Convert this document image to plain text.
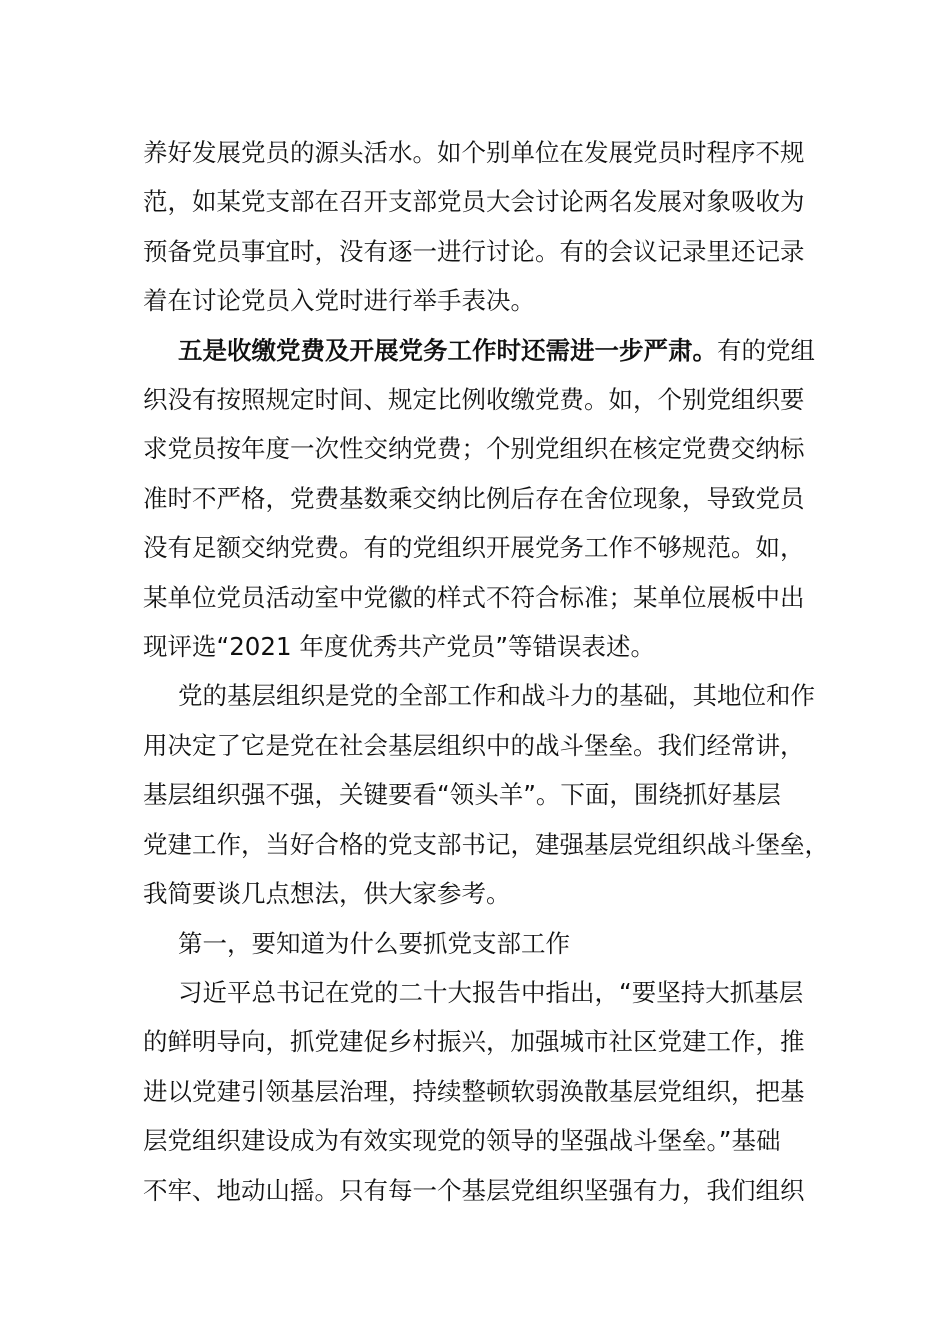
养好发展党员的源头活水。如个别单位在发展党员时程序不规
范，如某党支部在召开支部党员大会讨论两名发展对象吸收为
预备党员事宜时，没有逐一进行讨论。有的会议记录里还记录
着在讨论党员入党时进行举手表决。
五是收缴党费及开展党务工作时还需进一步严肃。有的党组
织没有按照规定时间、规定比例收缴党费。如，个别党组织要
求党员按年度一次性交纳党费；个别党组织在核定党费交纳标
准时不严格，党费基数乘交纳比例后存在舍位现象，导致党员
没有足额交纳党费。有的党组织开展党务工作不够规范。如，
某单位党员活动室中党徽的样式不符合标准；某单位展板中出
现评选“2021 年度优秀共产党员”等错误表述。
党的基层组织是党的全部工作和战斗力的基础，其地位和作
用决定了它是党在社会基层组织中的战斗堡垒。我们经常讲，
基层组织强不强，关键要看“领头羊”。下面，围绕抓好基层
党建工作，当好合格的党支部书记，建强基层党组织战斗堡垒，
我简要谈几点想法，供大家参考。
第一，要知道为什么要抓党支部工作
习近平总书记在党的二十大报告中指出，“要坚持大抓基层
的鲜明导向，抓党建促乡村振兴，加强城市社区党建工作，推
进以党建引领基层治理，持续整顿软弱涣散基层党组织，把基
层党组织建设成为有效实现党的领导的坚强战斗堡垒。”基础
不牢、地动山摇。只有每一个基层党组织坚强有力，我们组织
